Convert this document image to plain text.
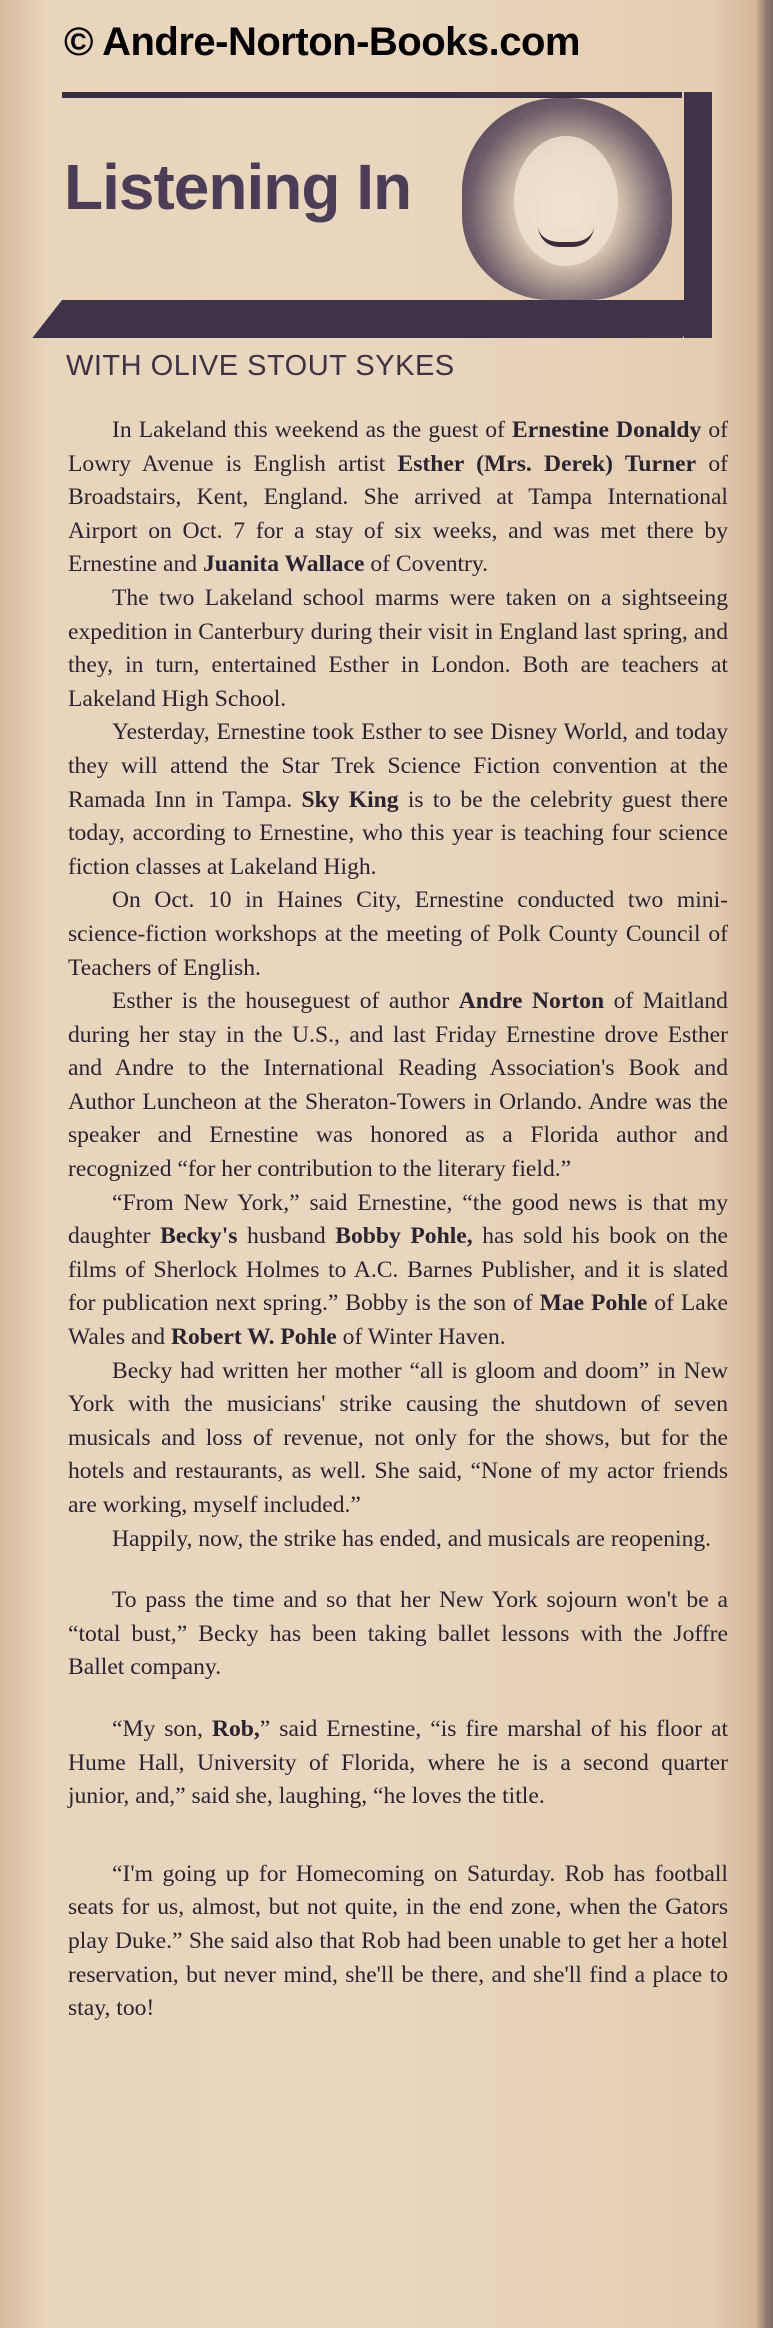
© Andre-Norton-Books.com
Listening In
WITH OLIVE STOUT SYKES

In Lakeland this weekend as the guest of Ernestine Donaldy of Lowry Avenue is English artist Esther (Mrs. Derek) Turner of Broadstairs, Kent, England. She arrived at Tampa International Airport on Oct. 7 for a stay of six weeks, and was met there by Ernestine and Juanita Wallace of Coventry.

The two Lakeland school marms were taken on a sightseeing expedition in Canterbury during their visit in England last spring, and they, in turn, entertained Esther in London. Both are teachers at Lakeland High School.

Yesterday, Ernestine took Esther to see Disney World, and today they will attend the Star Trek Science Fiction convention at the Ramada Inn in Tampa. Sky King is to be the celebrity guest there today, according to Ernestine, who this year is teaching four science fiction classes at Lakeland High.

On Oct. 10 in Haines City, Ernestine conducted two mini-science-fiction workshops at the meeting of Polk County Council of Teachers of English.

Esther is the houseguest of author Andre Norton of Maitland during her stay in the U.S., and last Friday Ernestine drove Esther and Andre to the International Reading Association's Book and Author Luncheon at the Sheraton-Towers in Orlando. Andre was the speaker and Ernestine was honored as a Florida author and recognized “for her contribution to the literary field.”

“From New York,” said Ernestine, “the good news is that my daughter Becky's husband Bobby Pohle, has sold his book on the films of Sherlock Holmes to A.C. Barnes Publisher, and it is slated for publication next spring.” Bobby is the son of Mae Pohle of Lake Wales and Robert W. Pohle of Winter Haven.

Becky had written her mother “all is gloom and doom” in New York with the musicians' strike causing the shutdown of seven musicals and loss of revenue, not only for the shows, but for the hotels and restaurants, as well. She said, “None of my actor friends are working, myself included.”

Happily, now, the strike has ended, and musicals are reopening.

To pass the time and so that her New York sojourn won't be a “total bust,” Becky has been taking ballet lessons with the Joffre Ballet company.

“My son, Rob,” said Ernestine, “is fire marshal of his floor at Hume Hall, University of Florida, where he is a second quarter junior, and,” said she, laughing, “he loves the title.

“I'm going up for Homecoming on Saturday. Rob has football seats for us, almost, but not quite, in the end zone, when the Gators play Duke.” She said also that Rob had been unable to get her a hotel reservation, but never mind, she'll be there, and she'll find a place to stay, too!
